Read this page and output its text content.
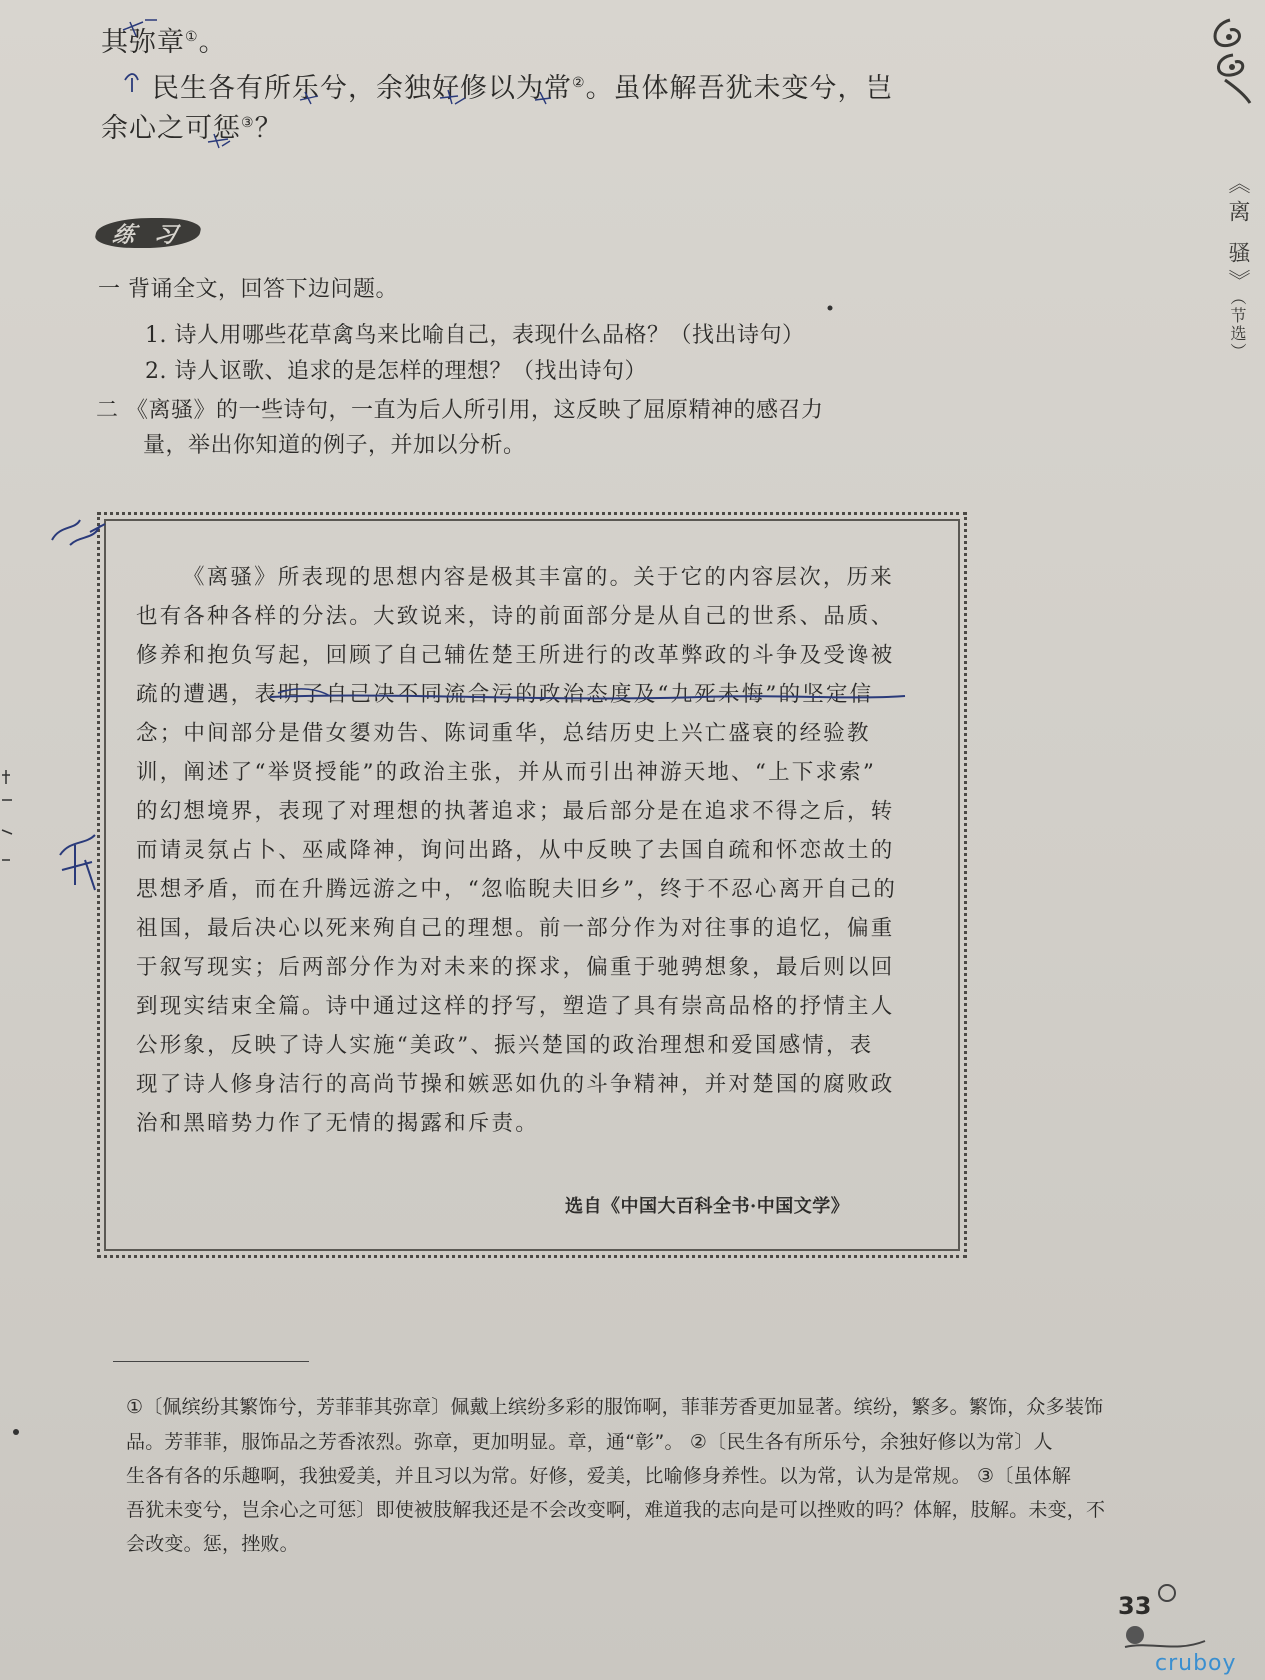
其弥章①。
民生各有所乐兮，余独好修以为常②。虽体解吾犹未变兮，岂
余心之可惩③？
《离 骚》（节选）
练 习
一 背诵全文，回答下边问题。
1. 诗人用哪些花草禽鸟来比喻自己，表现什么品格？（找出诗句）
2. 诗人讴歌、追求的是怎样的理想？（找出诗句）
二 《离骚》的一些诗句，一直为后人所引用，这反映了屈原精神的感召力
量，举出你知道的例子，并加以分析。
《离骚》所表现的思想内容是极其丰富的。关于它的内容层次，历来
也有各种各样的分法。大致说来，诗的前面部分是从自己的世系、品质、
修养和抱负写起，回顾了自己辅佐楚王所进行的改革弊政的斗争及受谗被
疏的遭遇，表明了自己决不同流合污的政治态度及“九死未悔”的坚定信
念；中间部分是借女嬃劝告、陈词重华，总结历史上兴亡盛衰的经验教
训，阐述了“举贤授能”的政治主张，并从而引出神游天地、“上下求索”
的幻想境界，表现了对理想的执著追求；最后部分是在追求不得之后，转
而请灵氛占卜、巫咸降神，询问出路，从中反映了去国自疏和怀恋故土的
思想矛盾，而在升腾远游之中，“忽临睨夫旧乡”，终于不忍心离开自己的
祖国，最后决心以死来殉自己的理想。前一部分作为对往事的追忆，偏重
于叙写现实；后两部分作为对未来的探求，偏重于驰骋想象，最后则以回
到现实结束全篇。诗中通过这样的抒写，塑造了具有崇高品格的抒情主人
公形象，反映了诗人实施“美政”、振兴楚国的政治理想和爱国感情，表
现了诗人修身洁行的高尚节操和嫉恶如仇的斗争精神，并对楚国的腐败政
治和黑暗势力作了无情的揭露和斥责。
选自《中国大百科全书·中国文学》
①〔佩缤纷其繁饰兮，芳菲菲其弥章〕佩戴上缤纷多彩的服饰啊，菲菲芳香更加显著。缤纷，繁多。繁饰，众多装饰
品。芳菲菲，服饰品之芳香浓烈。弥章，更加明显。章，通“彰”。 ②〔民生各有所乐兮，余独好修以为常〕人
生各有各的乐趣啊，我独爱美，并且习以为常。好修，爱美，比喻修身养性。以为常，认为是常规。 ③〔虽体解
吾犹未变兮，岂余心之可惩〕即使被肢解我还是不会改变啊，难道我的志向是可以挫败的吗？体解，肢解。未变，不
会改变。惩，挫败。
33
cruboy
